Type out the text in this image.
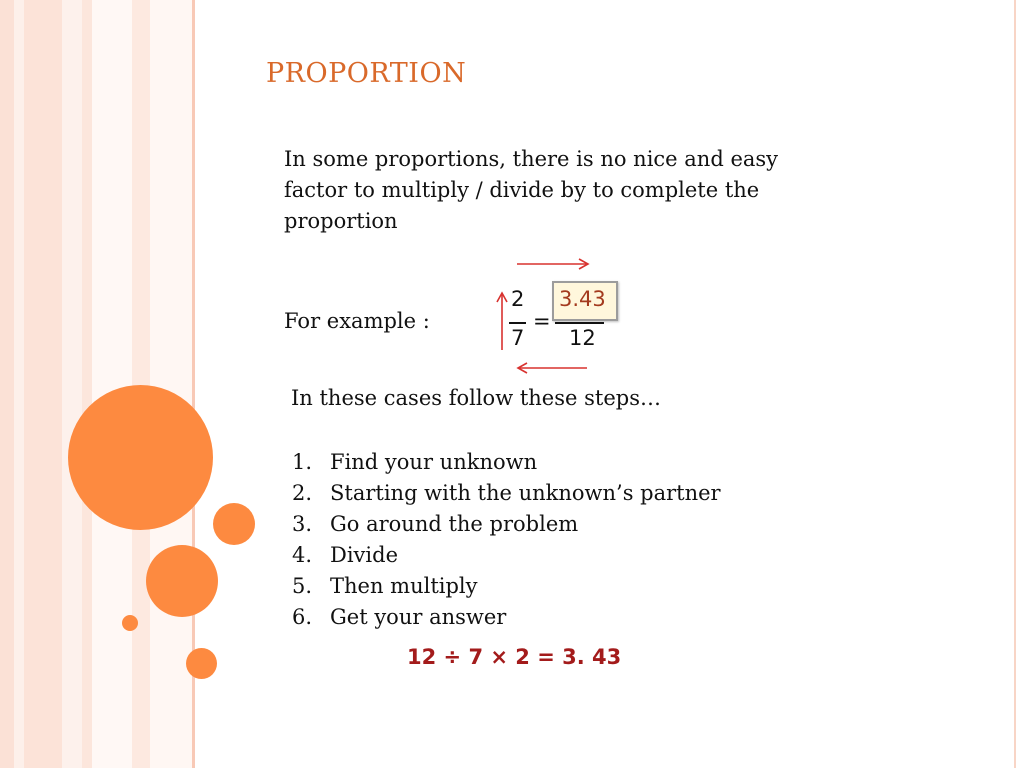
PROPORTION
In some proportions, there is no nice and easy factor to multiply / divide by to complete the proportion
For example :
2
7
=
3.43
12
In these cases follow these steps…
1. Find your unknown
2. Starting with the unknown’s partner
3. Go around the problem
4. Divide
5. Then multiply
6. Get your answer
12 ÷ 7 × 2 = 3. 43
